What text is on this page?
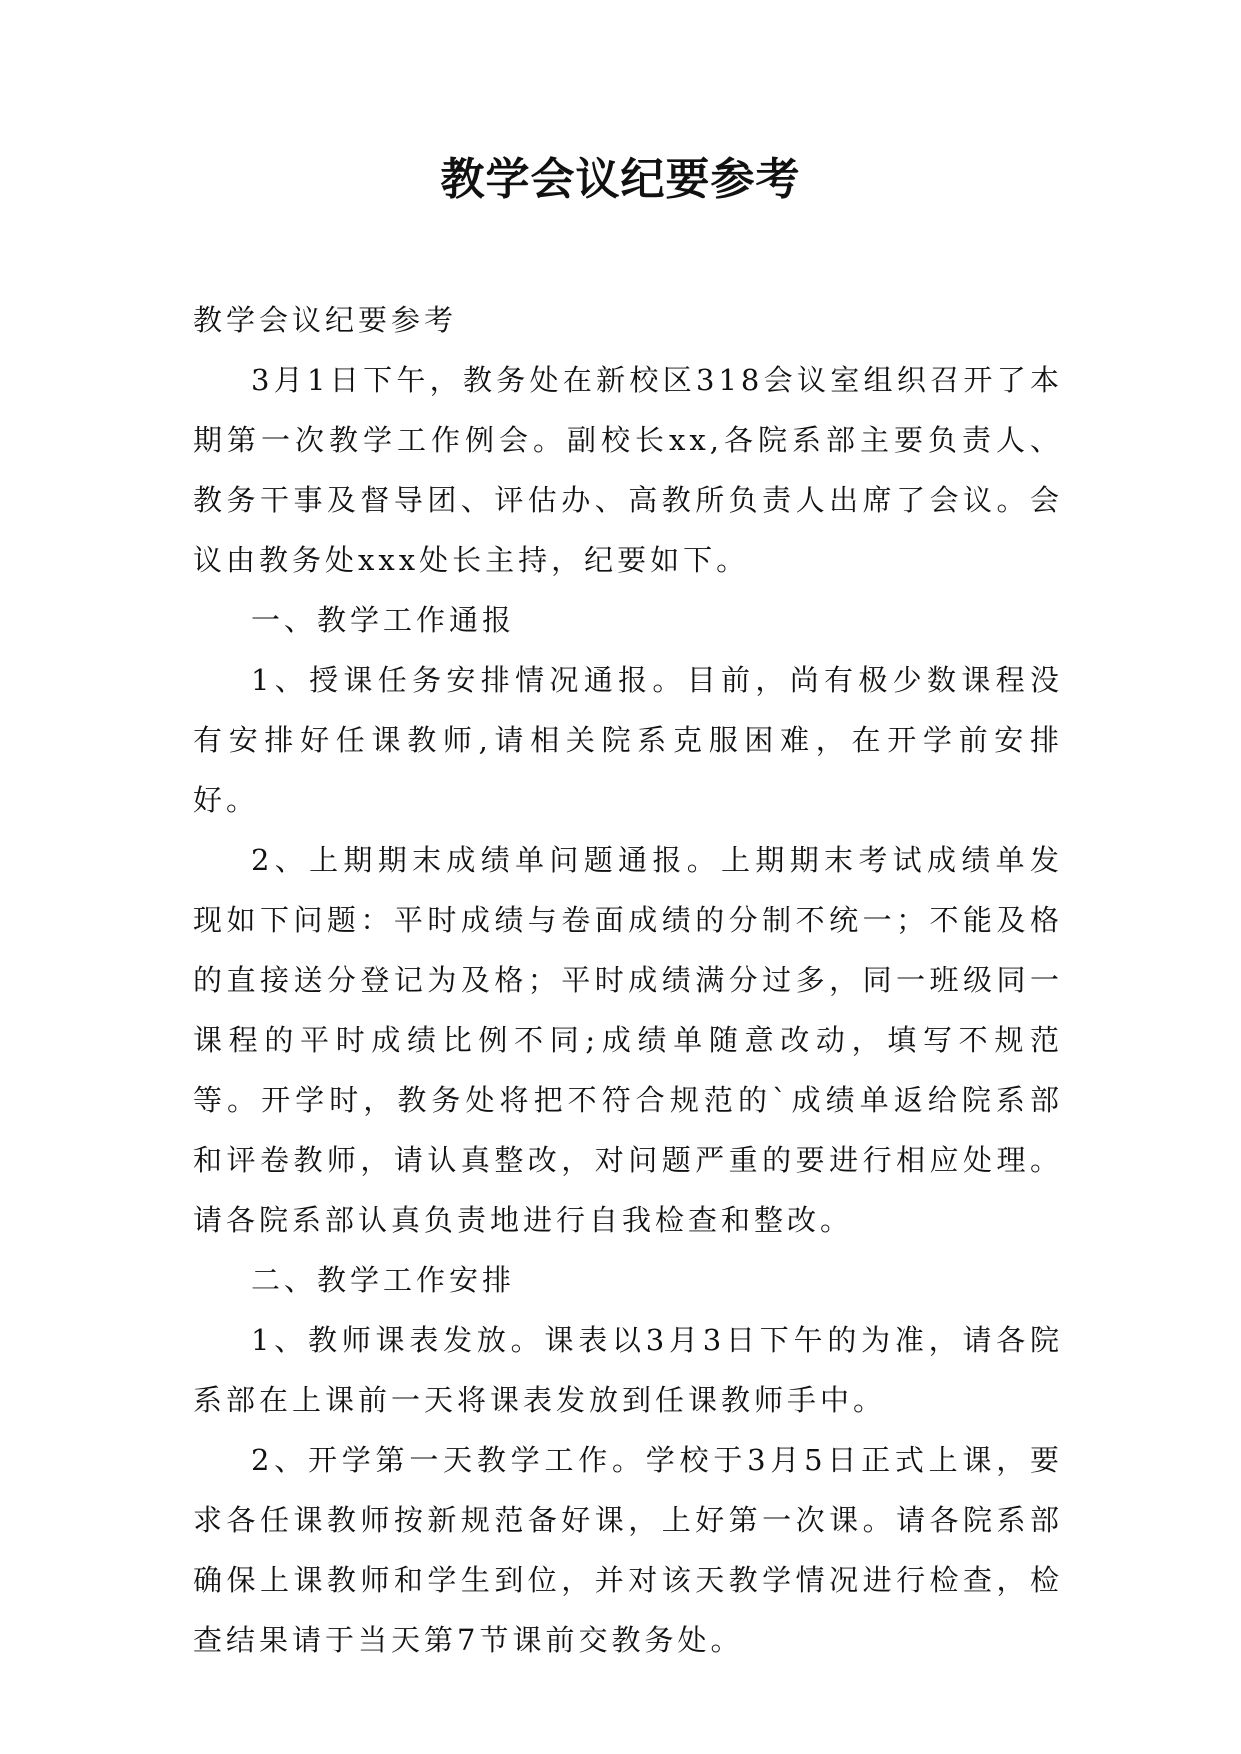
教学会议纪要参考

教学会议纪要参考

3月1日下午，教务处在新校区318会议室组织召开了本期第一次教学工作例会。副校长xx,各院系部主要负责人、教务干事及督导团、评估办、高教所负责人出席了会议。会议由教务处xxx处长主持，纪要如下。

一、教学工作通报

1、授课任务安排情况通报。目前，尚有极少数课程没有安排好任课教师,请相关院系克服困难，在开学前安排好。

2、上期期末成绩单问题通报。上期期末考试成绩单发现如下问题：平时成绩与卷面成绩的分制不统一；不能及格的直接送分登记为及格；平时成绩满分过多，同一班级同一课程的平时成绩比例不同;成绩单随意改动，填写不规范等。开学时，教务处将把不符合规范的`成绩单返给院系部和评卷教师，请认真整改，对问题严重的要进行相应处理。请各院系部认真负责地进行自我检查和整改。

二、教学工作安排

1、教师课表发放。课表以3月3日下午的为准，请各院系部在上课前一天将课表发放到任课教师手中。

2、开学第一天教学工作。学校于3月5日正式上课，要求各任课教师按新规范备好课，上好第一次课。请各院系部确保上课教师和学生到位，并对该天教学情况进行检查，检查结果请于当天第7节课前交教务处。
